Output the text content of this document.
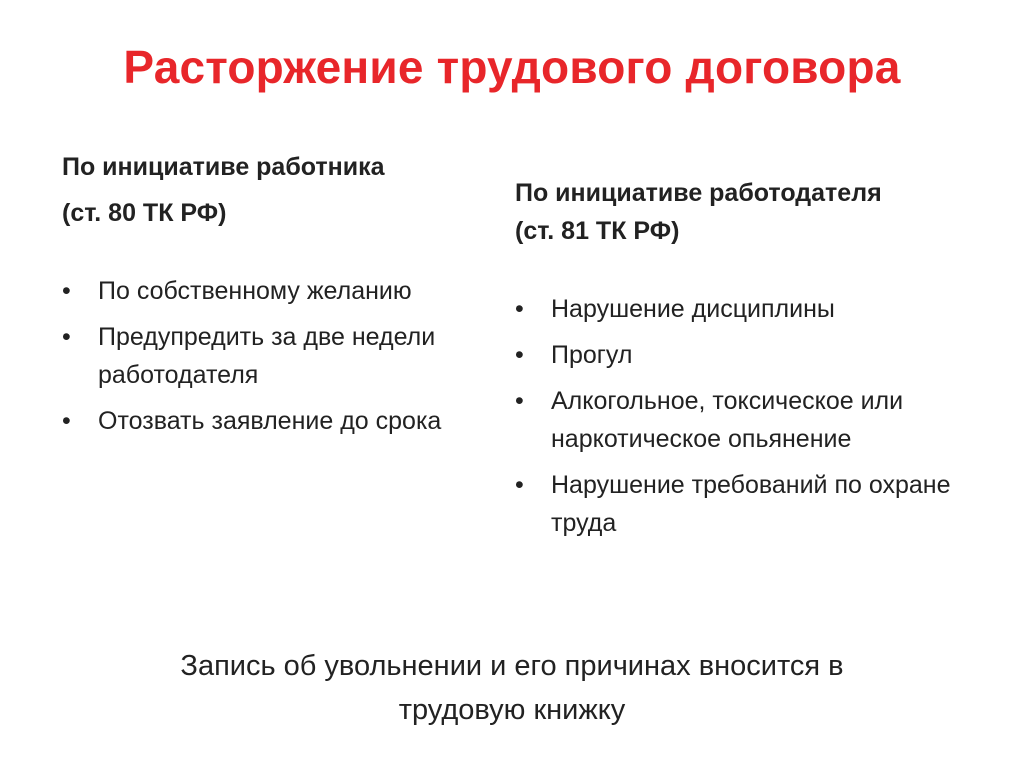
Расторжение трудового договора
По инициативе работника
(ст. 80 ТК РФ)
•	По собственному желанию
•	Предупредить за две недели работодателя
•	Отозвать заявление до срока
По инициативе работодателя
(ст. 81 ТК РФ)
•	Нарушение дисциплины
•	Прогул
•	Алкогольное, токсическое или наркотическое опьянение
•	Нарушение требований по охране труда
Запись об увольнении и его причинах вносится в
трудовую книжку
